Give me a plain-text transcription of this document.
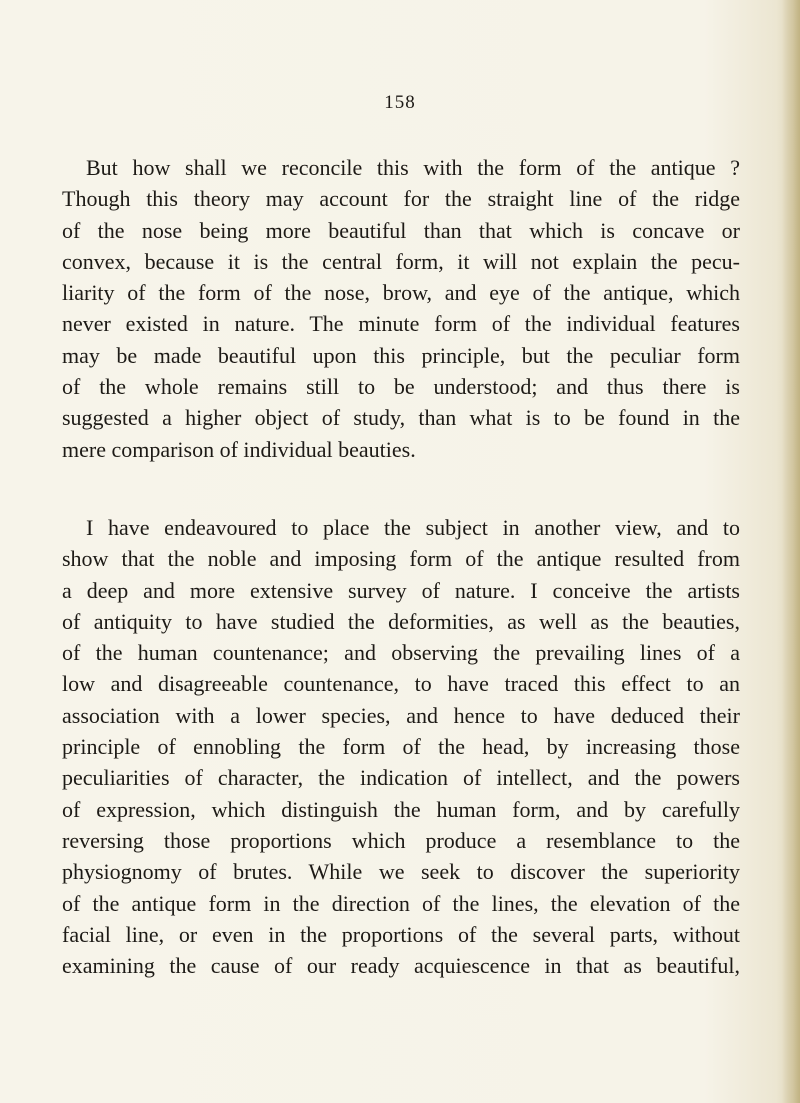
158
But how shall we reconcile this with the form of the antique ?
Though this theory may account for the straight line of the ridge
of the nose being more beautiful than that which is concave or
convex, because it is the central form, it will not explain the pecu-
liarity of the form of the nose, brow, and eye of the antique, which
never existed in nature. The minute form of the individual features
may be made beautiful upon this principle, but the peculiar form
of the whole remains still to be understood; and thus there is
suggested a higher object of study, than what is to be found in the
mere comparison of individual beauties.
I have endeavoured to place the subject in another view, and to
show that the noble and imposing form of the antique resulted from
a deep and more extensive survey of nature. I conceive the artists
of antiquity to have studied the deformities, as well as the beauties,
of the human countenance; and observing the prevailing lines of a
low and disagreeable countenance, to have traced this effect to an
association with a lower species, and hence to have deduced their
principle of ennobling the form of the head, by increasing those
peculiarities of character, the indication of intellect, and the powers
of expression, which distinguish the human form, and by carefully
reversing those proportions which produce a resemblance to the
physiognomy of brutes. While we seek to discover the superiority
of the antique form in the direction of the lines, the elevation of the
facial line, or even in the proportions of the several parts, without
examining the cause of our ready acquiescence in that as beautiful,
